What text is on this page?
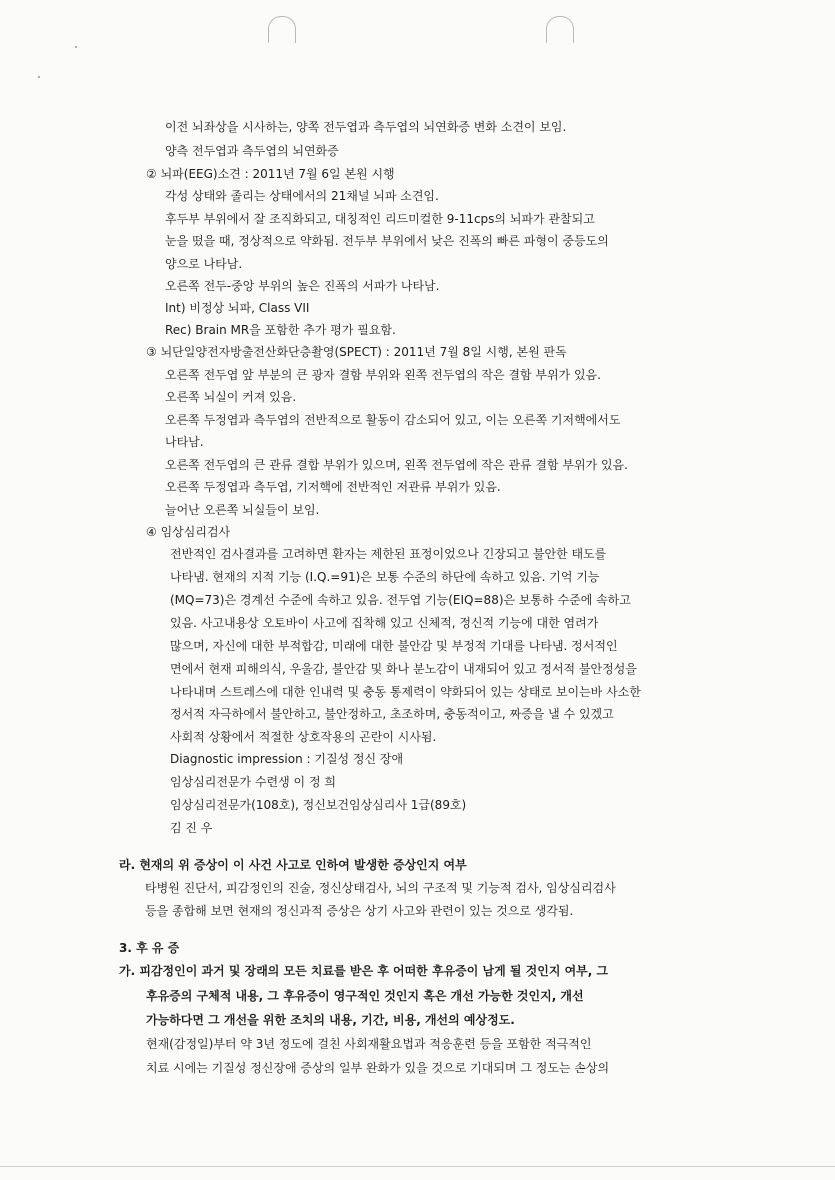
이전 뇌좌상을 시사하는, 양쪽 전두엽과 측두엽의 뇌연화증 변화 소견이 보임.
양측 전두엽과 측두엽의 뇌연화증
② 뇌파(EEG)소견 : 2011년 7월 6일 본원 시행
각성 상태와 졸리는 상태에서의 21채널 뇌파 소견임.
후두부 부위에서 잘 조직화되고, 대칭적인 리드미컬한 9-11cps의 뇌파가 관찰되고
눈을 떴을 때, 정상적으로 약화됨. 전두부 부위에서 낮은 진폭의 빠른 파형이 중등도의
양으로 나타남.
오른쪽 전두-중앙 부위의 높은 진폭의 서파가 나타남.
Int) 비정상 뇌파, Class VII
Rec) Brain MR을 포함한 추가 평가 필요함.
③ 뇌단일양전자방출전산화단층촬영(SPECT) : 2011년 7월 8일 시행, 본원 판독
오른쪽 전두엽 앞 부분의 큰 광자 결함 부위와 왼쪽 전두엽의 작은 결함 부위가 있음.
오른쪽 뇌실이 커져 있음.
오른쪽 두정엽과 측두엽의 전반적으로 활동이 감소되어 있고, 이는 오른쪽 기저핵에서도
나타남.
오른쪽 전두엽의 큰 관류 결합 부위가 있으며, 왼쪽 전두엽에 작은 관류 결함 부위가 있음.
오른쪽 두정엽과 측두엽, 기저핵에 전반적인 저관류 부위가 있음.
늘어난 오른쪽 뇌실들이 보임.
④ 임상심리검사
전반적인 검사결과를 고려하면 환자는 제한된 표정이었으나 긴장되고 불안한 태도를
나타냄. 현재의 지적 기능 (I.Q.=91)은 보통 수준의 하단에 속하고 있음. 기억 기능
(MQ=73)은 경계선 수준에 속하고 있음. 전두엽 기능(EIQ=88)은 보통하 수준에 속하고
있음. 사고내용상 오토바이 사고에 집착해 있고 신체적, 정신적 기능에 대한 염려가
많으며, 자신에 대한 부적합감, 미래에 대한 불안감 및 부정적 기대를 나타냄. 정서적인
면에서 현재 피해의식, 우울감, 불안감 및 화나 분노감이 내재되어 있고 정서적 불안정성을
나타내며 스트레스에 대한 인내력 및 충동 통제력이 약화되어 있는 상태로 보이는바 사소한
정서적 자극하에서 불안하고, 불안정하고, 초조하며, 충동적이고, 짜증을 낼 수 있겠고
사회적 상황에서 적절한 상호작용의 곤란이 시사됨.
Diagnostic impression : 기질성 정신 장애
임상심리전문가 수련생 이 정 희
임상심리전문가(108호), 정신보건임상심리사 1급(89호)
김 진 우
라. 현재의 위 증상이 이 사건 사고로 인하여 발생한 증상인지 여부
타병원 진단서, 피감정인의 진술, 정신상태검사, 뇌의 구조적 및 기능적 검사, 임상심리검사
등을 종합해 보면 현재의 정신과적 증상은 상기 사고와 관련이 있는 것으로 생각됨.
3. 후 유 증
가. 피감정인이 과거 및 장래의 모든 치료를 받은 후 어떠한 후유증이 남게 될 것인지 여부, 그
후유증의 구체적 내용, 그 후유증이 영구적인 것인지 혹은 개선 가능한 것인지, 개선
가능하다면 그 개선을 위한 조치의 내용, 기간, 비용, 개선의 예상정도.
현재(감정일)부터 약 3년 정도에 걸친 사회재활요법과 적응훈련 등을 포함한 적극적인
치료 시에는 기질성 정신장애 증상의 일부 완화가 있을 것으로 기대되며 그 정도는 손상의
